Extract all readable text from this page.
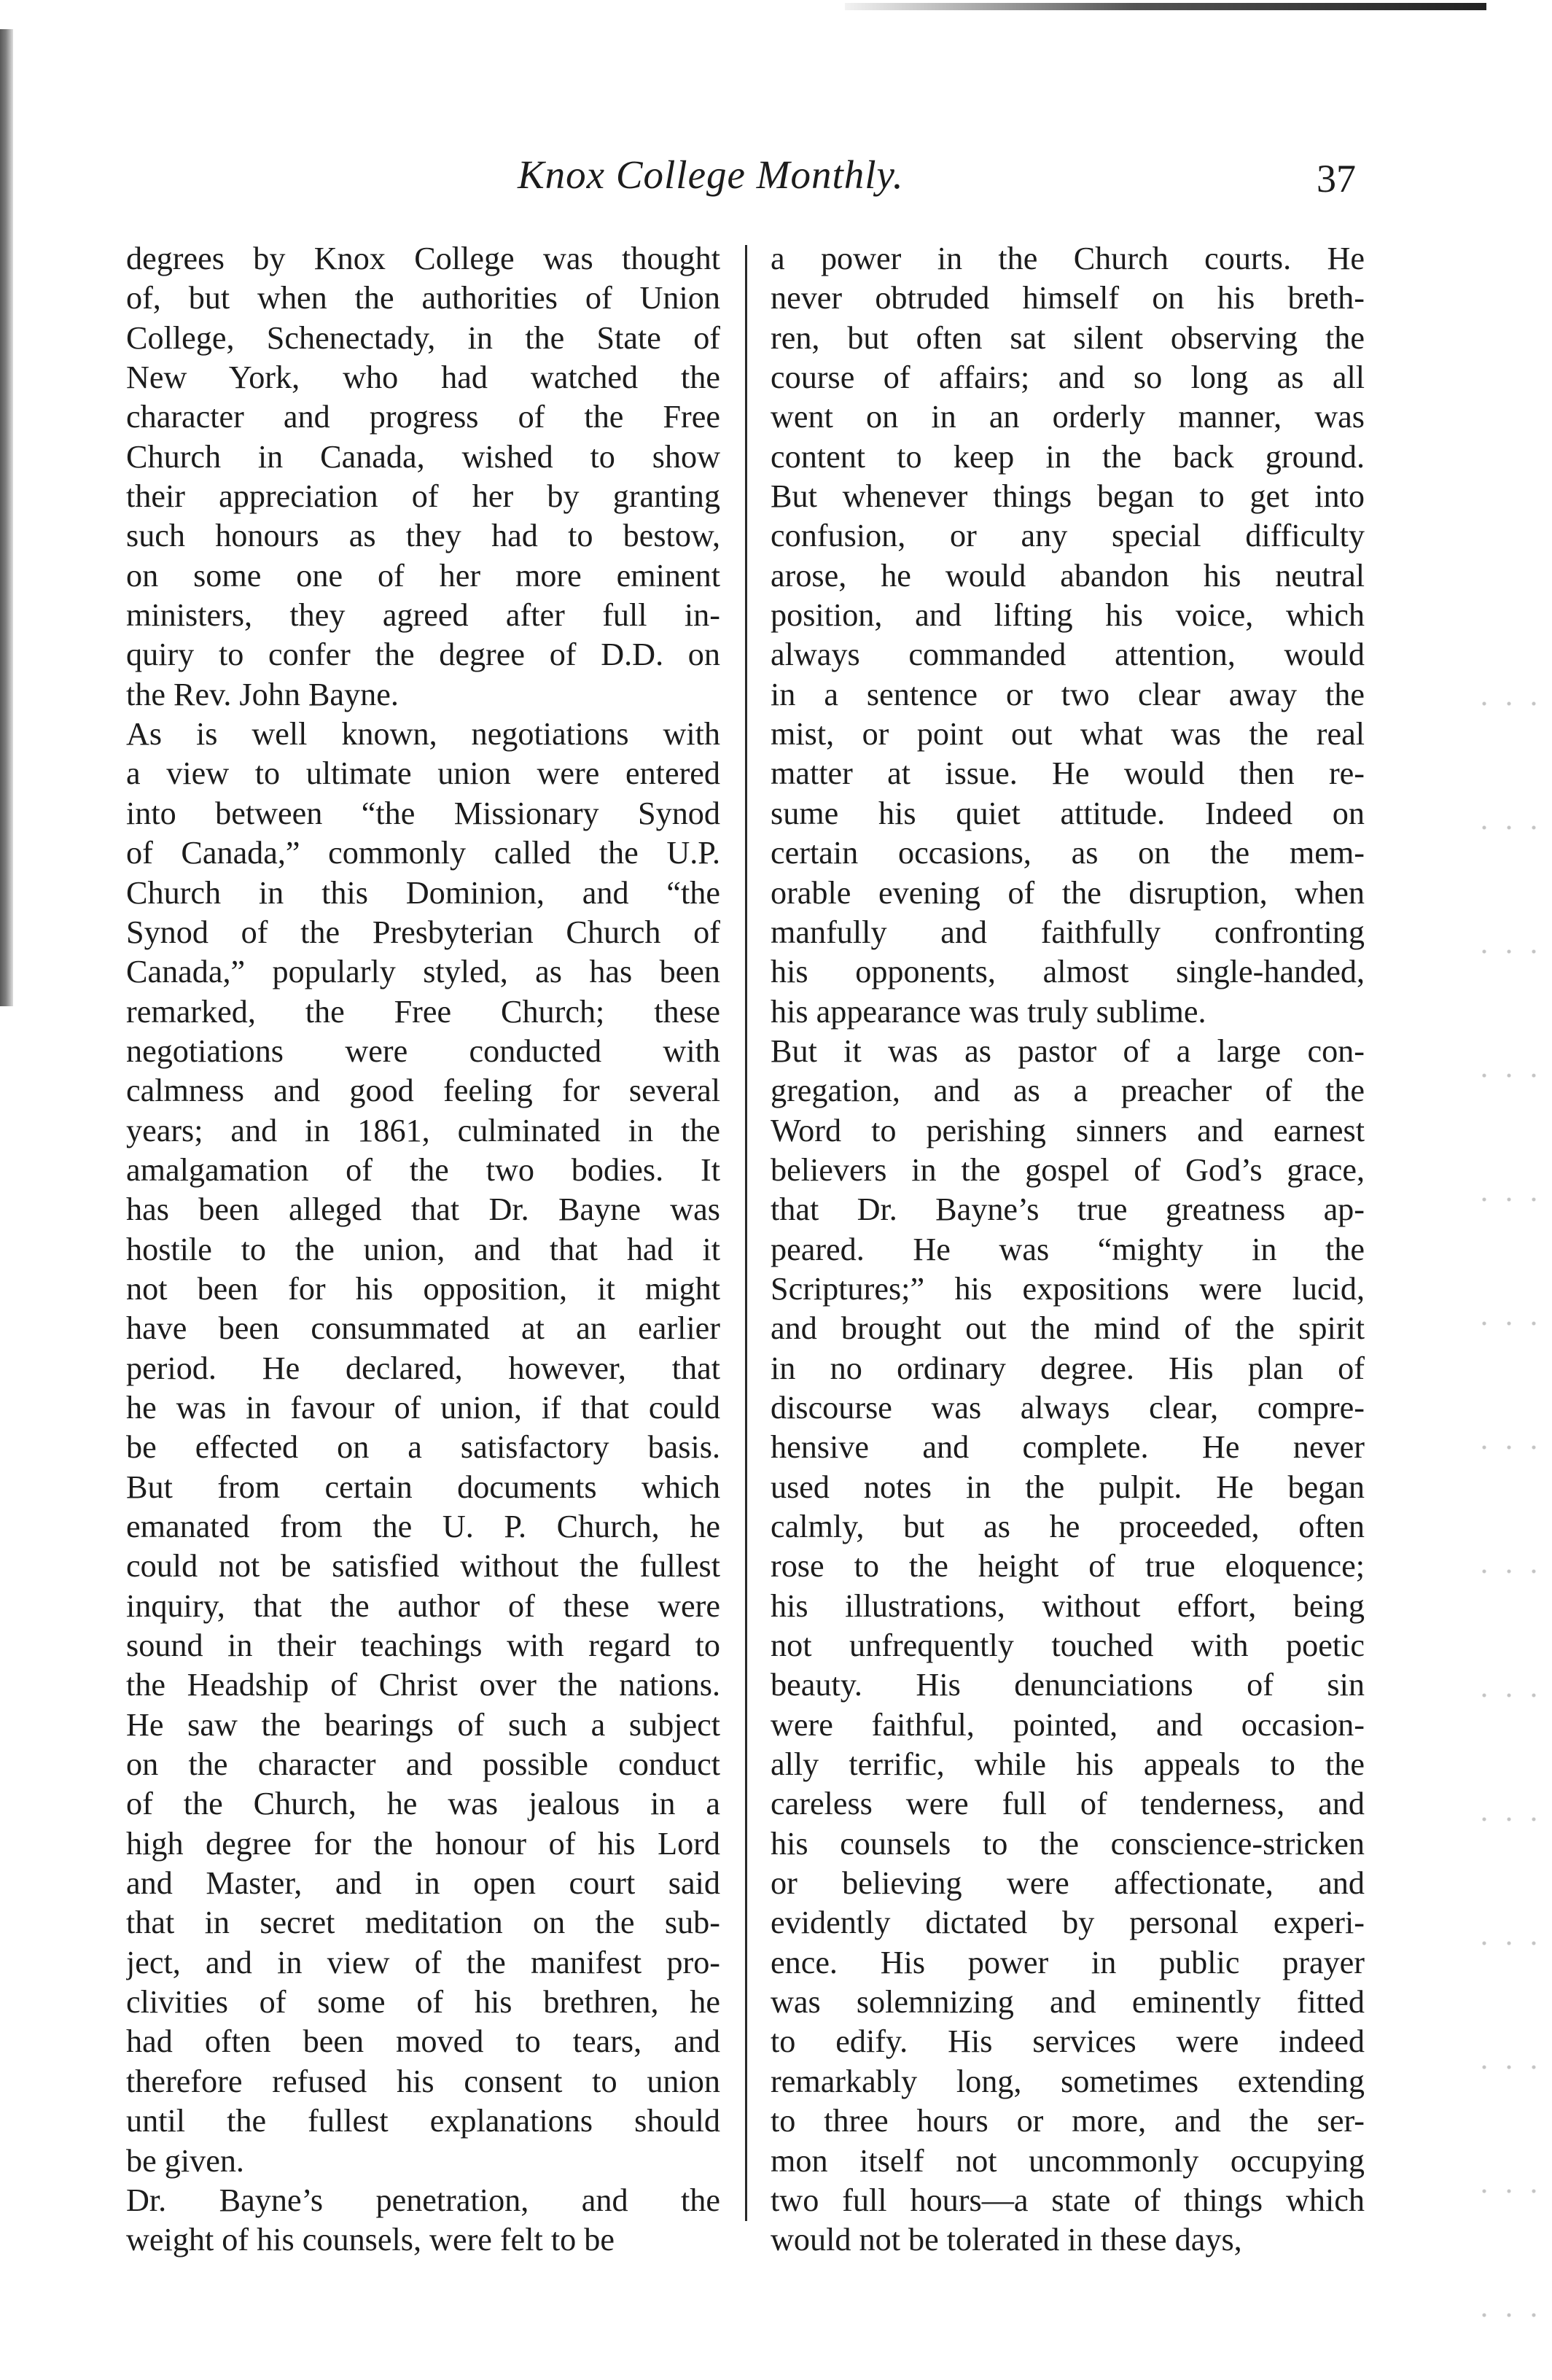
Knox College Monthly.	37
degrees by Knox College was thought
of, but when the authorities of Union
College, Schenectady, in the State of
New York, who had watched the
character and progress of the Free
Church in Canada, wished to show
their appreciation of her by granting
such honours as they had to bestow,
on some one of her more eminent
ministers, they agreed after full in-
quiry to confer the degree of D.D. on
the Rev. John Bayne.
As is well known, negotiations with
a view to ultimate union were entered
into between “the Missionary Synod
of Canada,” commonly called the U.P.
Church in this Dominion, and “the
Synod of the Presbyterian Church of
Canada,” popularly styled, as has been
remarked, the Free Church; these
negotiations were conducted with
calmness and good feeling for several
years; and in 1861, culminated in the
amalgamation of the two bodies. It
has been alleged that Dr. Bayne was
hostile to the union, and that had it
not been for his opposition, it might
have been consummated at an earlier
period. He declared, however, that
he was in favour of union, if that could
be effected on a satisfactory basis.
But from certain documents which
emanated from the U. P. Church, he
could not be satisfied without the fullest
inquiry, that the author of these were
sound in their teachings with regard to
the Headship of Christ over the nations.
He saw the bearings of such a subject
on the character and possible conduct
of the Church, he was jealous in a
high degree for the honour of his Lord
and Master, and in open court said
that in secret meditation on the sub-
ject, and in view of the manifest pro-
clivities of some of his brethren, he
had often been moved to tears, and
therefore refused his consent to union
until the fullest explanations should
be given.
Dr. Bayne’s penetration, and the
weight of his counsels, were felt to be
a power in the Church courts. He
never obtruded himself on his breth-
ren, but often sat silent observing the
course of affairs; and so long as all
went on in an orderly manner, was
content to keep in the back ground.
But whenever things began to get into
confusion, or any special difficulty
arose, he would abandon his neutral
position, and lifting his voice, which
always commanded attention, would
in a sentence or two clear away the
mist, or point out what was the real
matter at issue. He would then re-
sume his quiet attitude. Indeed on
certain occasions, as on the mem-
orable evening of the disruption, when
manfully and faithfully confronting
his opponents, almost single-handed,
his appearance was truly sublime.
But it was as pastor of a large con-
gregation, and as a preacher of the
Word to perishing sinners and earnest
believers in the gospel of God’s grace,
that Dr. Bayne’s true greatness ap-
peared. He was “mighty in the
Scriptures;” his expositions were lucid,
and brought out the mind of the spirit
in no ordinary degree. His plan of
discourse was always clear, compre-
hensive and complete. He never
used notes in the pulpit. He began
calmly, but as he proceeded, often
rose to the height of true eloquence;
his illustrations, without effort, being
not unfrequently touched with poetic
beauty. His denunciations of sin
were faithful, pointed, and occasion-
ally terrific, while his appeals to the
careless were full of tenderness, and
his counsels to the conscience-stricken
or believing were affectionate, and
evidently dictated by personal experi-
ence. His power in public prayer
was solemnizing and eminently fitted
to edify. His services were indeed
remarkably long, sometimes extending
to three hours or more, and the ser-
mon itself not uncommonly occupying
two full hours—a state of things which
would not be tolerated in these days,
